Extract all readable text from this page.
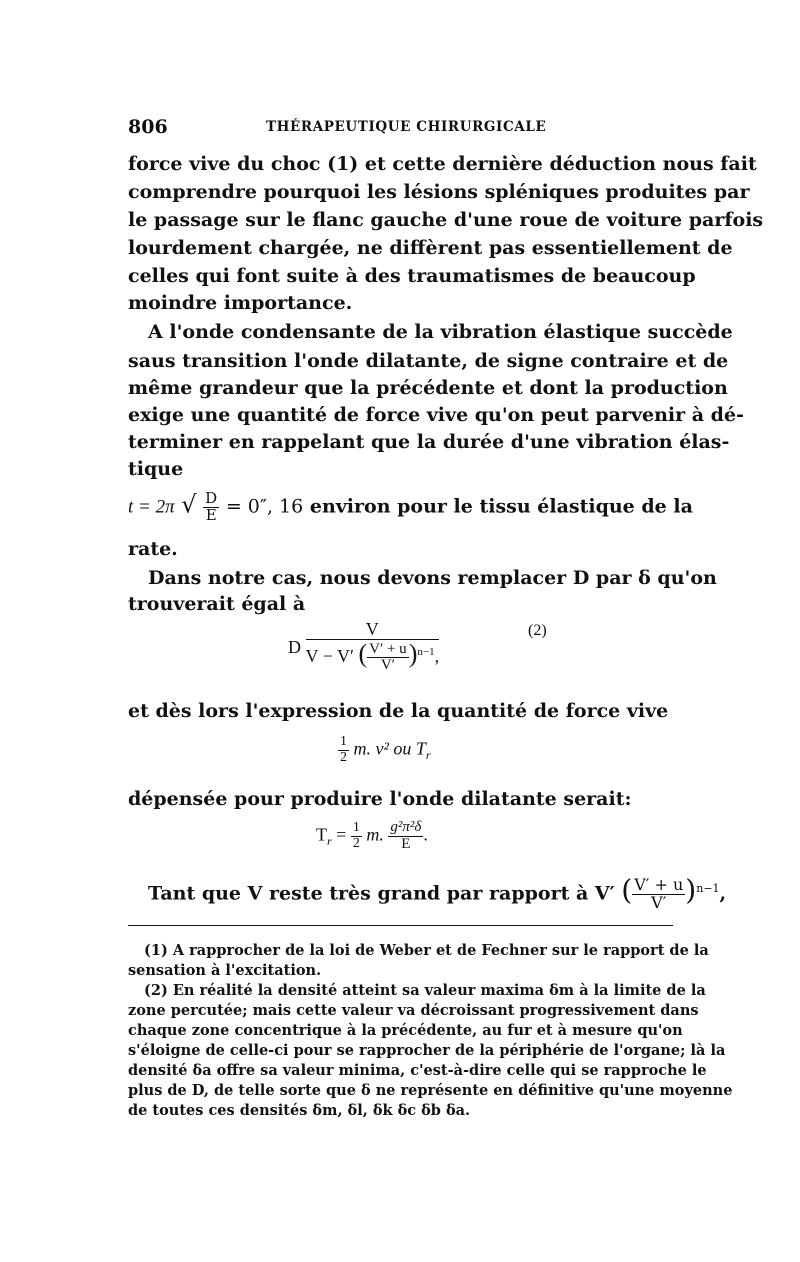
806	THÉRAPEUTIQUE CHIRURGICALE
force vive du choc (1) et cette dernière déduction nous fait
comprendre pourquoi les lésions spléniques produites par
le passage sur le flanc gauche d'une roue de voiture parfois
lourdement chargée, ne diffèrent pas essentiellement de
celles qui font suite à des traumatismes de beaucoup
moindre importance.
A l'onde condensante de la vibration élastique succède
saus transition l'onde dilatante, de signe contraire et de
même grandeur que la précédente et dont la production
exige une quantité de force vive qu'on peut parvenir à dé-
terminer en rappelant que la durée d'une vibration élas-
tique
t = 2π √ $\frac{D}{E} = 0''$, 16 environ pour le tissu élastique de la
rate.
Dans notre cas, nous devons remplacer D par δ qu'on
trouverait égal à
D $\frac{V}{V - V' ( \frac{V' + u}{V'} )^{n-1},}$	(2)
et dès lors l'expression de la quantité de force vive
$\frac{1}{2} m$. v² ou $T_r$
dépensée pour produire l'onde dilatante serait:
$T_r = \frac{1}{2} m$. $\frac{\text{g²π²δ}}{E}$ .
Tant que V reste très grand par rapport à V′ ( $\frac{V' + u}{V'} )^{n-1}$,
(1) A rapprocher de la loi de Weber et de Fechner sur le rapport de la
sensation à l'excitation.
(2) En réalité la densité atteint sa valeur maxima δm à la limite de la
zone percutée; mais cette valeur va décroissant progressivement dans
chaque zone concentrique à la précédente, au fur et à mesure qu'on
s'éloigne de celle-ci pour se rapprocher de la périphérie de l'organe; là la
densité δa offre sa valeur minima, c'est-à-dire celle qui se rapproche le
plus de D, de telle sorte que δ ne représente en définitive qu'une moyenne
de toutes ces densités δm, δl, δk δc δb δa.
